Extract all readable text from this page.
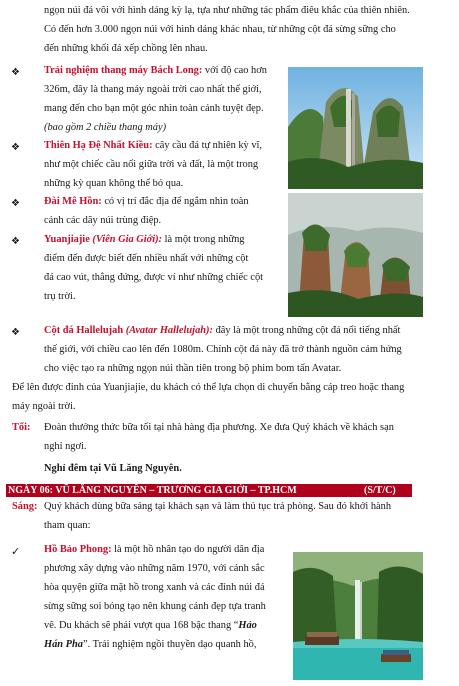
ngọn núi đá vôi với hình dáng kỳ lạ, tựa như những tác phẩm điêu khắc của thiên nhiên.
Có đến hơn 3.000 ngọn núi với hình dáng khác nhau, từ những cột đá sừng sững cho
đến những khối đá xếp chồng lên nhau.
❖ Trải nghiệm thang máy Bách Long: với độ cao hơn
326m, đây là thang máy ngoài trời cao nhất thế giới,
mang đến cho bạn một góc nhìn toàn cảnh tuyệt đẹp.
(bao gồm 2 chiều thang máy)
❖ Thiên Hạ Đệ Nhất Kiều: cây cầu đá tự nhiên kỳ vĩ,
như một chiếc cầu nối giữa trời và đất, là một trong
những kỳ quan không thể bỏ qua.
❖ Đài Mê Hồn: có vị trí đắc địa để ngắm nhìn toàn
cảnh các dãy núi trùng điệp.
❖ Yuanjiajie (Viên Gia Giới): là một trong những
điểm đến được biết đến nhiều nhất với những cột
đá cao vút, thẳng đứng, được ví như những chiếc cột
trụ trời.
❖ Cột đá Hallelujah (Avatar Hallelujah): đây là một trong những cột đá nổi tiếng nhất
thế giới, với chiều cao lên đến 1080m. Chính cột đá này đã trở thành nguồn cảm hứng
cho việc tạo ra những ngọn núi thần tiên trong bộ phim bom tấn Avatar.
Để lên được đỉnh của Yuanjiajie, du khách có thể lựa chọn di chuyển bằng cáp treo hoặc thang
máy ngoài trời.
Tối: Đoàn thưởng thức bữa tối tại nhà hàng địa phương. Xe đưa Quý khách về khách sạn
nghỉ ngơi.
Nghỉ đêm tại Vũ Lăng Nguyên.
NGÀY 06: VŨ LĂNG NGUYÊN – TRƯƠNG GIA GIỚI – TP.HCM	(S/T/C)
Sáng: Quý khách dùng bữa sáng tại khách sạn và làm thủ tục trả phòng. Sau đó khởi hành
tham quan:
✓ Hồ Bảo Phong: là một hồ nhân tạo do người dân địa
phương xây dựng vào những năm 1970, với cảnh sắc
hòa quyện giữa mặt hồ trong xanh và các đỉnh núi đá
sừng sững soi bóng tạo nên khung cảnh đẹp tựa tranh
vẽ. Du khách sẽ phải vượt qua 168 bậc thang “Hảo
Hán Pha”. Trải nghiệm ngồi thuyền dạo quanh hồ,
